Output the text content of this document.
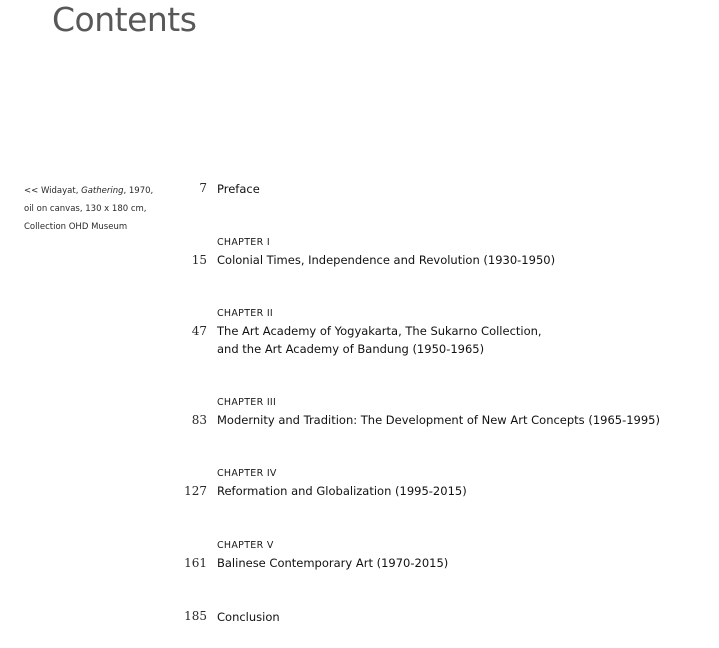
Contents
<< Widayat, Gathering, 1970,
oil on canvas, 130 x 180 cm,
Collection OHD Museum
7 Preface
CHAPTER I
15 Colonial Times, Independence and Revolution (1930-1950)
CHAPTER II
47 The Art Academy of Yogyakarta, The Sukarno Collection,
and the Art Academy of Bandung (1950-1965)
CHAPTER III
83 Modernity and Tradition: The Development of New Art Concepts (1965-1995)
CHAPTER IV
127 Reformation and Globalization (1995-2015)
CHAPTER V
161 Balinese Contemporary Art (1970-2015)
185 Conclusion
